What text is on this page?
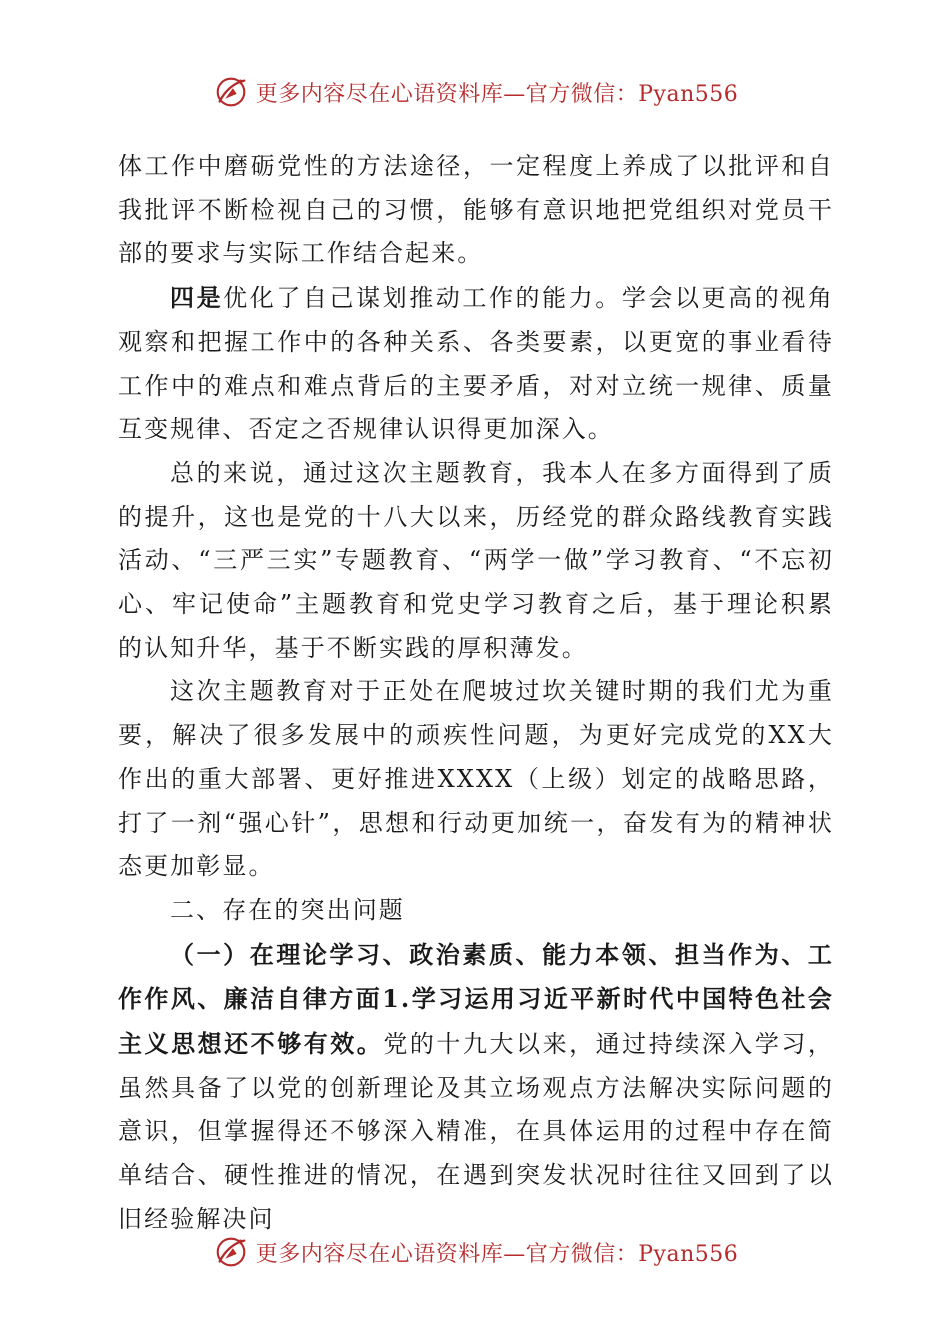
更多内容尽在心语资料库—官方微信：Pyan556

体工作中磨砺党性的方法途径，一定程度上养成了以批评和自我批评不断检视自己的习惯，能够有意识地把党组织对党员干部的要求与实际工作结合起来。

四是优化了自己谋划推动工作的能力。学会以更高的视角观察和把握工作中的各种关系、各类要素，以更宽的事业看待工作中的难点和难点背后的主要矛盾，对对立统一规律、质量互变规律、否定之否规律认识得更加深入。

总的来说，通过这次主题教育，我本人在多方面得到了质的提升，这也是党的十八大以来，历经党的群众路线教育实践活动、“三严三实”专题教育、“两学一做”学习教育、“不忘初心、牢记使命”主题教育和党史学习教育之后，基于理论积累的认知升华，基于不断实践的厚积薄发。

这次主题教育对于正处在爬坡过坎关键时期的我们尤为重要，解决了很多发展中的顽疾性问题，为更好完成党的XX大作出的重大部署、更好推进XXXX（上级）划定的战略思路，打了一剂“强心针”，思想和行动更加统一，奋发有为的精神状态更加彰显。

二、存在的突出问题

（一）在理论学习、政治素质、能力本领、担当作为、工作作风、廉洁自律方面1.学习运用习近平新时代中国特色社会主义思想还不够有效。党的十九大以来，通过持续深入学习，虽然具备了以党的创新理论及其立场观点方法解决实际问题的意识，但掌握得还不够深入精准，在具体运用的过程中存在简单结合、硬性推进的情况，在遇到突发状况时往往又回到了以旧经验解决问

更多内容尽在心语资料库—官方微信：Pyan556
